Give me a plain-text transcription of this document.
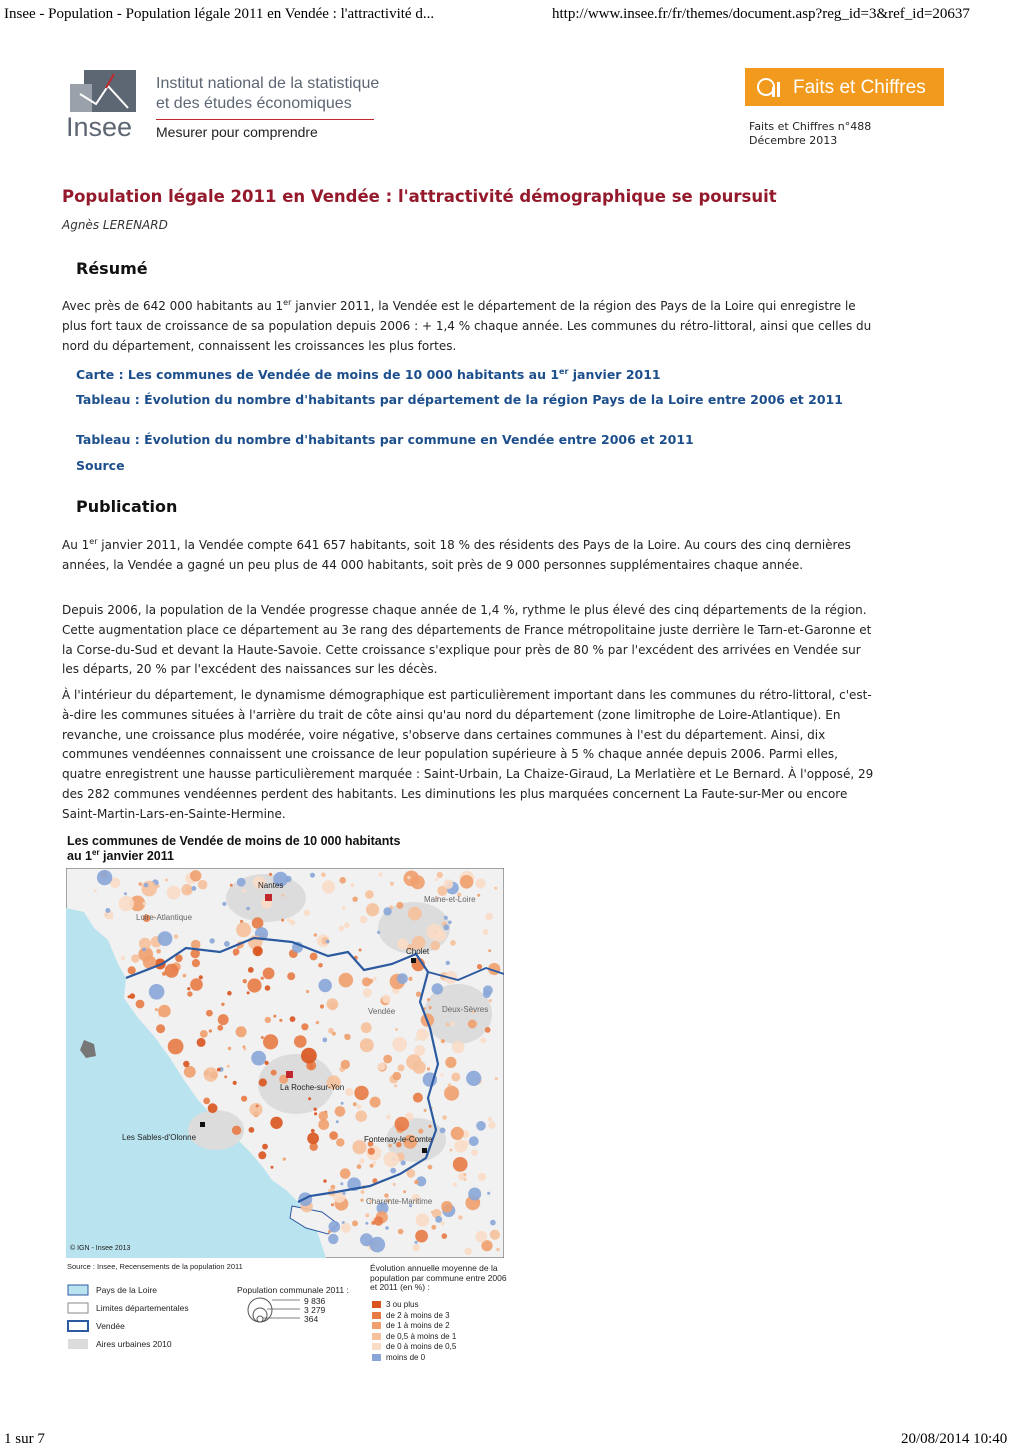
Insee - Population - Population légale 2011 en Vendée : l'attractivité d...	http://www.insee.fr/fr/themes/document.asp?reg_id=3&ref_id=20637
Insee
Institut national de la statistique
et des études économiques
Mesurer pour comprendre
Faits et Chiffres
Faits et Chiffres n°488
Décembre 2013
Population légale 2011 en Vendée : l'attractivité démographique se poursuit
Agnès LERENARD
Résumé
Avec près de 642 000 habitants au 1er janvier 2011, la Vendée est le département de la région des Pays de la Loire qui enregistre le plus fort taux de croissance de sa population depuis 2006 : + 1,4 % chaque année. Les communes du rétro-littoral, ainsi que celles du nord du département, connaissent les croissances les plus fortes.
Carte : Les communes de Vendée de moins de 10 000 habitants au 1er janvier 2011
Tableau : Évolution du nombre d'habitants par département de la région Pays de la Loire entre 2006 et 2011
Tableau : Évolution du nombre d'habitants par commune en Vendée entre 2006 et 2011
Source
Publication
Au 1er janvier 2011, la Vendée compte 641 657 habitants, soit 18 % des résidents des Pays de la Loire. Au cours des cinq dernières années, la Vendée a gagné un peu plus de 44 000 habitants, soit près de 9 000 personnes supplémentaires chaque année.
Depuis 2006, la population de la Vendée progresse chaque année de 1,4 %, rythme le plus élevé des cinq départements de la région. Cette augmentation place ce département au 3e rang des départements de France métropolitaine juste derrière le Tarn-et-Garonne et la Corse-du-Sud et devant la Haute-Savoie. Cette croissance s'explique pour près de 80 % par l'excédent des arrivées en Vendée sur les départs, 20 % par l'excédent des naissances sur les décès.
À l'intérieur du département, le dynamisme démographique est particulièrement important dans les communes du rétro-littoral, c'est-à-dire les communes situées à l'arrière du trait de côte ainsi qu'au nord du département (zone limitrophe de Loire-Atlantique). En revanche, une croissance plus modérée, voire négative, s'observe dans certaines communes à l'est du département. Ainsi, dix communes vendéennes connaissent une croissance de leur population supérieure à 5 % chaque année depuis 2006. Parmi elles, quatre enregistrent une hausse particulièrement marquée : Saint-Urbain, La Chaize-Giraud, La Merlatière et Le Bernard. À l'opposé, 29 des 282 communes vendéennes perdent des habitants. Les diminutions les plus marquées concernent La Faute-sur-Mer ou encore Saint-Martin-Lars-en-Sainte-Hermine.
Les communes de Vendée de moins de 10 000 habitants
au 1er janvier 2011
Nantes
Loire-Atlantique
Maine-et-Loire
Cholet
Vendée	Deux-Sèvres
La Roche-sur-Yon
Les Sables-d'Olonne	Fontenay-le-Comte
Charente-Maritime
© IGN - Insee 2013
Source : Insee, Recensements de la population 2011
Pays de la Loire
Limites départementales
Vendée
Aires urbaines 2010
Population communale 2011 :
9 836
3 279
364
Évolution annuelle moyenne de la population par commune entre 2006 et 2011 (en %) :
3 ou plus
de 2 à moins de 3
de 1 à moins de 2
de 0,5 à moins de 1
de 0 à moins de 0,5
moins de 0
1 sur 7	20/08/2014 10:40
